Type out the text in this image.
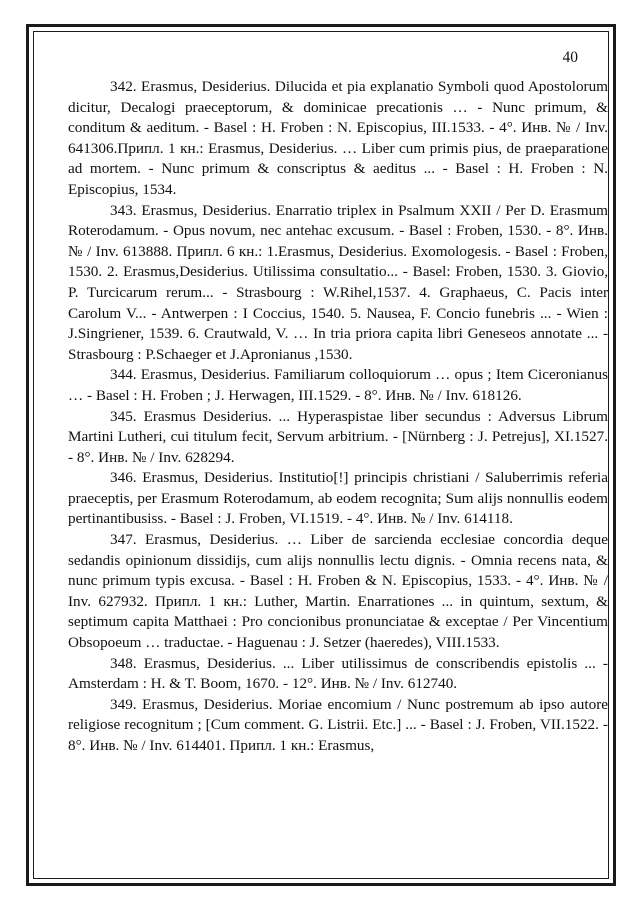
40

342. Erasmus, Desiderius. Dilucida et pia explanatio Symboli quod Apostolorum dicitur, Decalogi praeceptorum, & dominicae precationis … - Nunc primum, & conditum & aeditum. - Basel : H. Froben : N. Episcopius, III.1533. - 4°. Инв. № / Inv. 641306.Припл. 1 кн.: Erasmus, Desiderius. … Liber cum primis pius, de praeparatione ad mortem. - Nunc primum & conscriptus & aeditus ... - Basel : H. Froben : N. Episcopius, 1534.

343. Erasmus, Desiderius. Enarratio triplex in Psalmum XXII / Per D. Erasmum Roterodamum. - Opus novum, nec antehac excusum. - Basel : Froben, 1530. - 8°. Инв. № / Inv. 613888. Припл. 6 кн.: 1.Erasmus, Desiderius. Exomologesis. - Basel : Froben, 1530. 2. Erasmus,Desiderius. Utilissima consultatio... - Basel: Froben, 1530. 3. Giovio, P. Turcicarum rerum... - Strasbourg : W.Rihel,1537. 4. Graphaeus, C. Pacis inter Carolum V... - Antwerpen : I Coccius, 1540. 5. Nausea, F. Concio funebris ... - Wien : J.Singriener, 1539. 6. Crautwald, V. … In tria priora capita libri Geneseos annotate ... - Strasbourg : P.Schaeger et J.Apronianus ,1530.

344. Erasmus, Desiderius. Familiarum colloquiorum … opus ; Item Ciceronianus … - Basel : H. Froben ; J. Herwagen, III.1529. - 8°. Инв. № / Inv. 618126.

345. Erasmus Desiderius. ... Hyperaspistae liber secundus : Adversus Librum Martini Lutheri, cui titulum fecit, Servum arbitrium. - [Nürnberg : J. Petrejus], XI.1527. - 8°. Инв. № / Inv. 628294.

346. Erasmus, Desiderius. Institutio[!] principis christiani / Saluberrimis referia praeceptis, per Erasmum Roterodamum, ab eodem recognita; Sum alijs nonnullis eodem pertinantibusiss. - Basel : J. Froben, VI.1519. - 4°. Инв. № / Inv. 614118.

347. Erasmus, Desiderius. … Liber de sarcienda ecclesiae concordia deque sedandis opinionum dissidijs, cum alijs nonnullis lectu dignis. - Omnia recens nata, & nunc primum typis excusa. - Basel : H. Froben & N. Episcopius, 1533. - 4°. Инв. № / Inv. 627932. Припл. 1 кн.: Luther, Martin. Enarrationes ... in quintum, sextum, & septimum capita Matthaei : Pro concionibus pronunciatae & exceptae / Per Vincentium Obsopoeum … traductae. - Haguenau : J. Setzer (haeredes), VIII.1533.

348. Erasmus, Desiderius. ... Liber utilissimus de conscribendis epistolis ... - Amsterdam : H. & T. Boom, 1670. - 12°. Инв. № / Inv. 612740.

349. Erasmus, Desiderius. Moriae encomium / Nunc postremum ab ipso autore religiose recognitum ; [Cum comment. G. Listrii. Etc.] ... - Basel : J. Froben, VII.1522. - 8°. Инв. № / Inv. 614401. Припл. 1 кн.: Erasmus,
